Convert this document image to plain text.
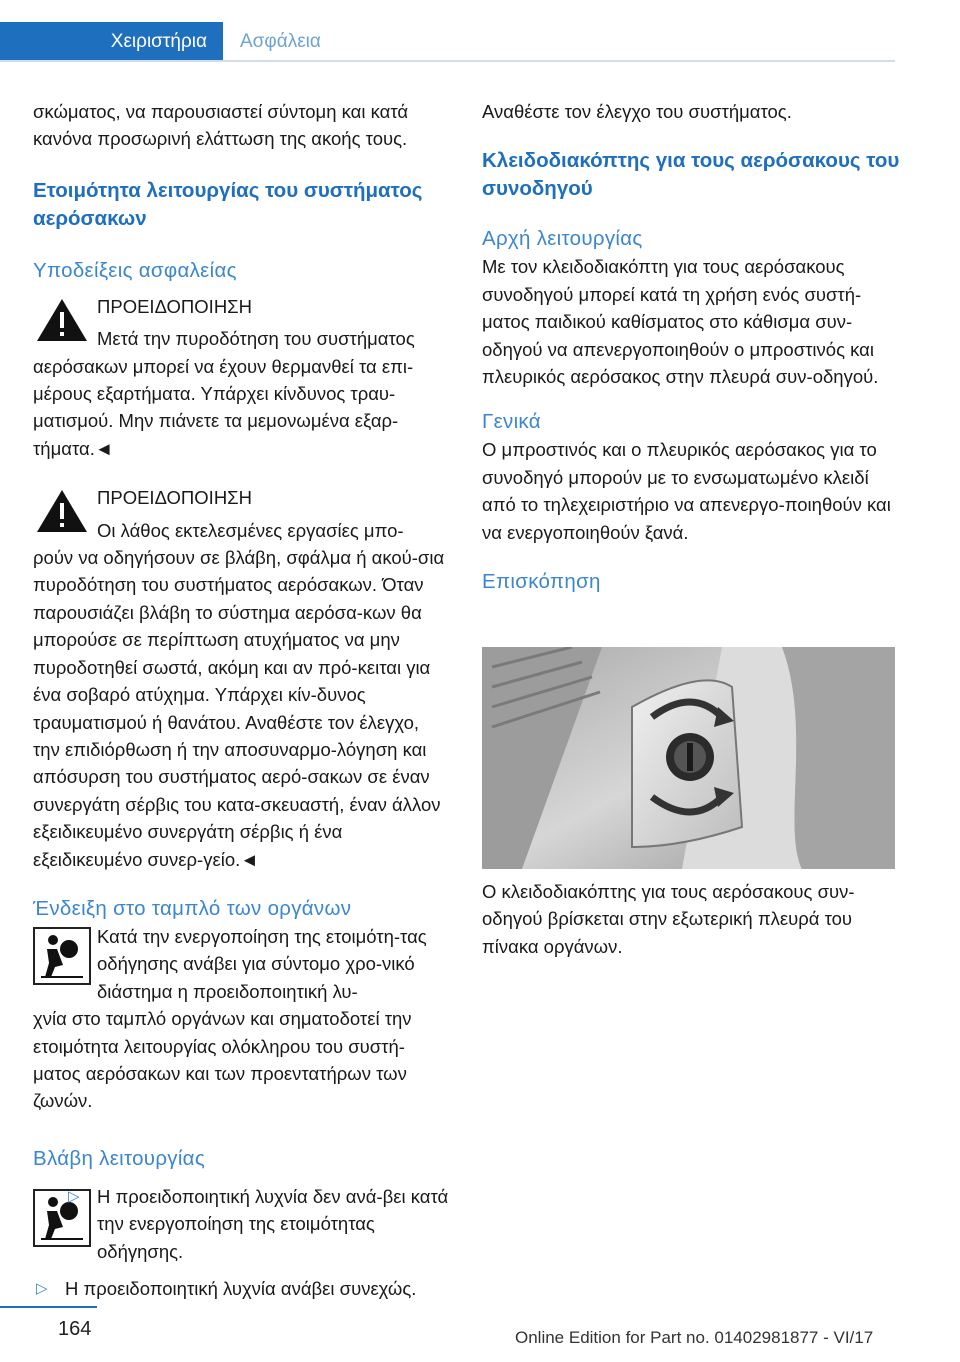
Χειριστήρια	Ασφάλεια

σκώματος, να παρουσιαστεί σύντομη και κατά κανόνα προσωρινή ελάττωση της ακοής τους.

Ετοιμότητα λειτουργίας του συστήματος αερόσακων
Υποδείξεις ασφαλείας

ΠΡΟΕΙΔΟΠΟΙΗΣΗ

Μετά την πυροδότηση του συστήματος

αερόσακων μπορεί να έχουν θερμανθεί τα επι-μέρους εξαρτήματα. Υπάρχει κίνδυνος τραυ-ματισμού. Μην πιάνετε τα μεμονωμένα εξαρ-τήματα.◄

ΠΡΟΕΙΔΟΠΟΙΗΣΗ

Οι λάθος εκτελεσμένες εργασίες μπο-

ρούν να οδηγήσουν σε βλάβη, σφάλμα ή ακού-σια πυροδότηση του συστήματος αερόσακων. Όταν παρουσιάζει βλάβη το σύστημα αερόσα-κων θα μπορούσε σε περίπτωση ατυχήματος να μην πυροδοτηθεί σωστά, ακόμη και αν πρό-κειται για ένα σοβαρό ατύχημα. Υπάρχει κίν-δυνος τραυματισμού ή θανάτου. Αναθέστε τον έλεγχο, την επιδιόρθωση ή την αποσυναρμο-λόγηση και απόσυρση του συστήματος αερό-σακων σε έναν συνεργάτη σέρβις του κατα-σκευαστή, έναν άλλον εξειδικευμένο συνεργάτη σέρβις ή ένα εξειδικευμένο συνερ-γείο.◄

Ένδειξη στο ταμπλό των οργάνων

Κατά την ενεργοποίηση της ετοιμότη-τας οδήγησης ανάβει για σύντομο χρο-νικό διάστημα η προειδοποιητική λυ-

χνία στο ταμπλό οργάνων και σηματοδοτεί την ετοιμότητα λειτουργίας ολόκληρου του συστή-ματος αερόσακων και των προεντατήρων των ζωνών.

Βλάβη λειτουργίας
▷ Η προειδοποιητική λυχνία δεν ανά-βει κατά την ενεργοποίηση της ετοιμότητας οδήγησης.
▷ Η προειδοποιητική λυχνία ανάβει συνεχώς.

Αναθέστε τον έλεγχο του συστήματος.

Κλειδοδιακόπτης για τους αερόσακους του συνοδηγού
Αρχή λειτουργίας

Με τον κλειδοδιακόπτη για τους αερόσακους συνοδηγού μπορεί κατά τη χρήση ενός συστή-ματος παιδικού καθίσματος στο κάθισμα συν-οδηγού να απενεργοποιηθούν ο μπροστινός και πλευρικός αερόσακος στην πλευρά συν-οδηγού.

Γενικά

Ο μπροστινός και ο πλευρικός αερόσακος για το συνοδηγό μπορούν με το ενσωματωμένο κλειδί από το τηλεχειριστήριο να απενεργο-ποιηθούν και να ενεργοποιηθούν ξανά.

Επισκόπηση

Ο κλειδοδιακόπτης για τους αερόσακους συν-οδηγού βρίσκεται στην εξωτερική πλευρά του πίνακα οργάνων.

164	Online Edition for Part no. 01402981877 - VI/17
